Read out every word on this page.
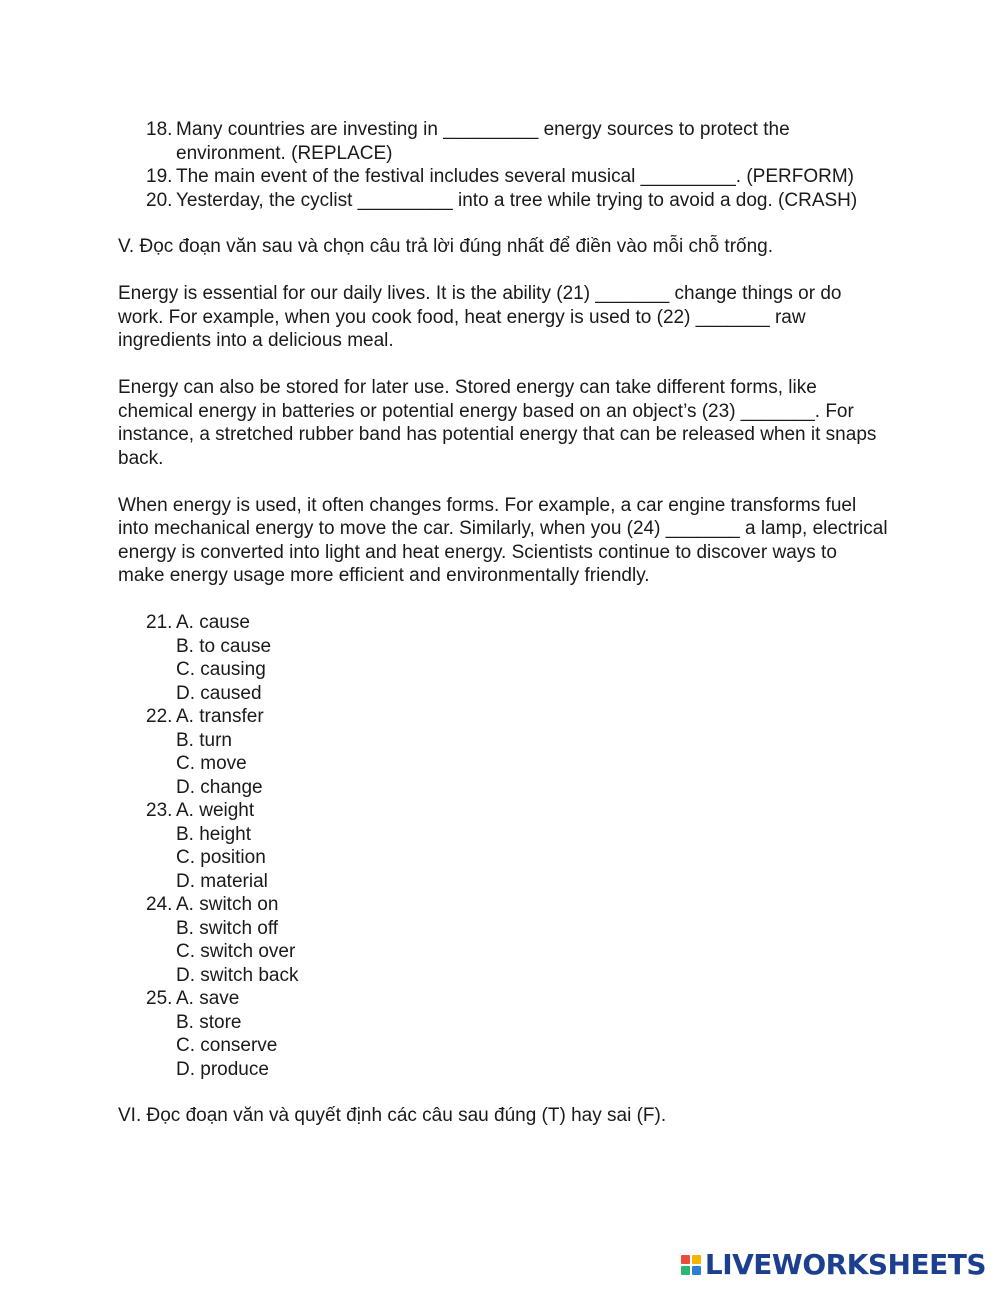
18. Many countries are investing in _________ energy sources to protect the environment. (REPLACE)
19. The main event of the festival includes several musical _________. (PERFORM)
20. Yesterday, the cyclist _________ into a tree while trying to avoid a dog. (CRASH)
V. Đọc đoạn văn sau và chọn câu trả lời đúng nhất để điền vào mỗi chỗ trống.
Energy is essential for our daily lives. It is the ability (21) _______ change things or do work. For example, when you cook food, heat energy is used to (22) _______ raw ingredients into a delicious meal.
Energy can also be stored for later use. Stored energy can take different forms, like chemical energy in batteries or potential energy based on an object’s (23) _______. For instance, a stretched rubber band has potential energy that can be released when it snaps back.
When energy is used, it often changes forms. For example, a car engine transforms fuel into mechanical energy to move the car. Similarly, when you (24) _______ a lamp, electrical energy is converted into light and heat energy. Scientists continue to discover ways to make energy usage more efficient and environmentally friendly.
21. A. cause
B. to cause
C. causing
D. caused
22. A. transfer
B. turn
C. move
D. change
23. A. weight
B. height
C. position
D. material
24. A. switch on
B. switch off
C. switch over
D. switch back
25. A. save
B. store
C. conserve
D. produce
VI. Đọc đoạn văn và quyết định các câu sau đúng (T) hay sai (F).
LIVEWORKSHEETS
